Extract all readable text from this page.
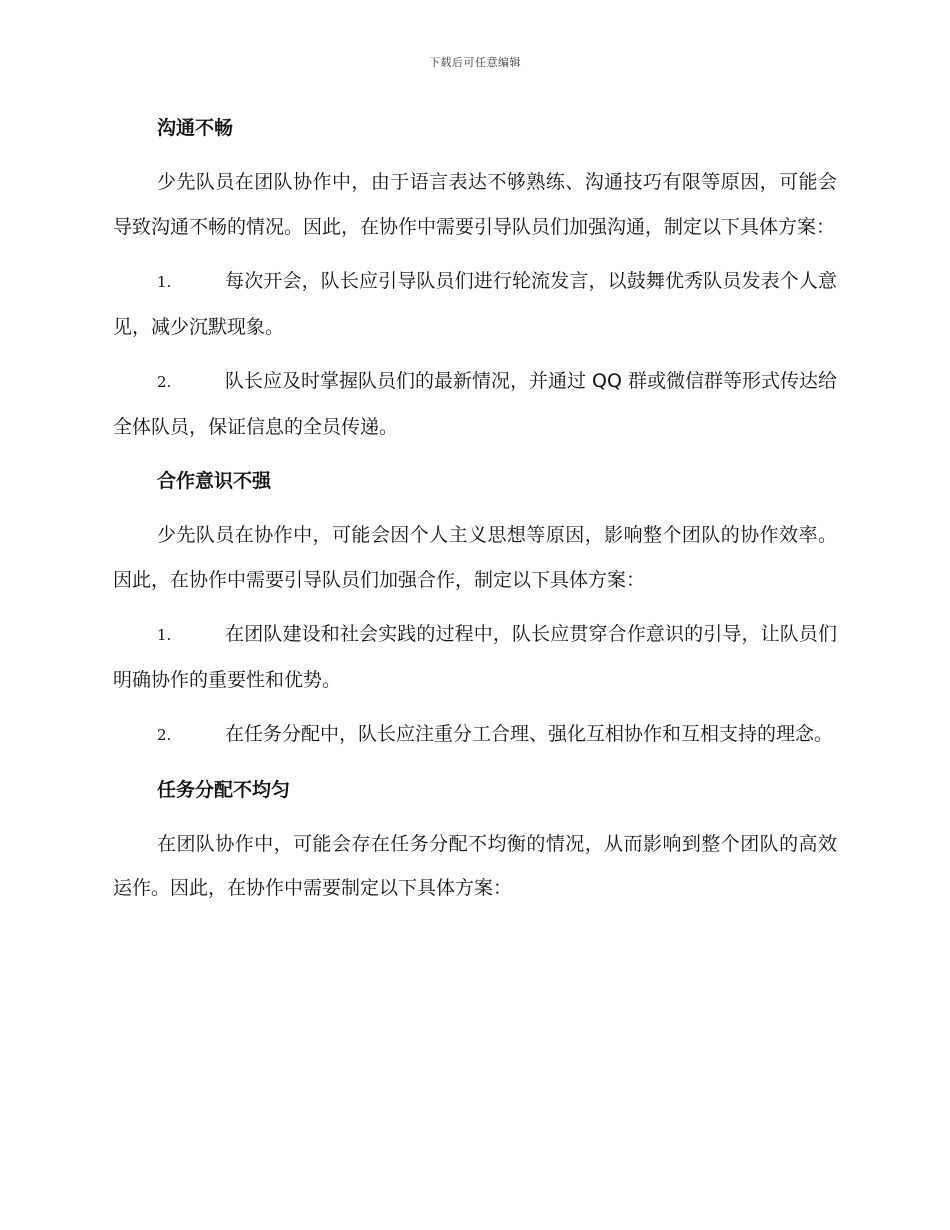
下载后可任意编辑
沟通不畅
少先队员在团队协作中，由于语言表达不够熟练、沟通技巧有限等原因，可能会导致沟通不畅的情况。因此，在协作中需要引导队员们加强沟通，制定以下具体方案：
1.	每次开会，队长应引导队员们进行轮流发言，以鼓舞优秀队员发表个人意见，减少沉默现象。
2.	队长应及时掌握队员们的最新情况，并通过 QQ 群或微信群等形式传达给全体队员，保证信息的全员传递。
合作意识不强
少先队员在协作中，可能会因个人主义思想等原因，影响整个团队的协作效率。因此，在协作中需要引导队员们加强合作，制定以下具体方案：
1.	在团队建设和社会实践的过程中，队长应贯穿合作意识的引导，让队员们明确协作的重要性和优势。
2.	在任务分配中，队长应注重分工合理、强化互相协作和互相支持的理念。
任务分配不均匀
在团队协作中，可能会存在任务分配不均衡的情况，从而影响到整个团队的高效运作。因此，在协作中需要制定以下具体方案：
